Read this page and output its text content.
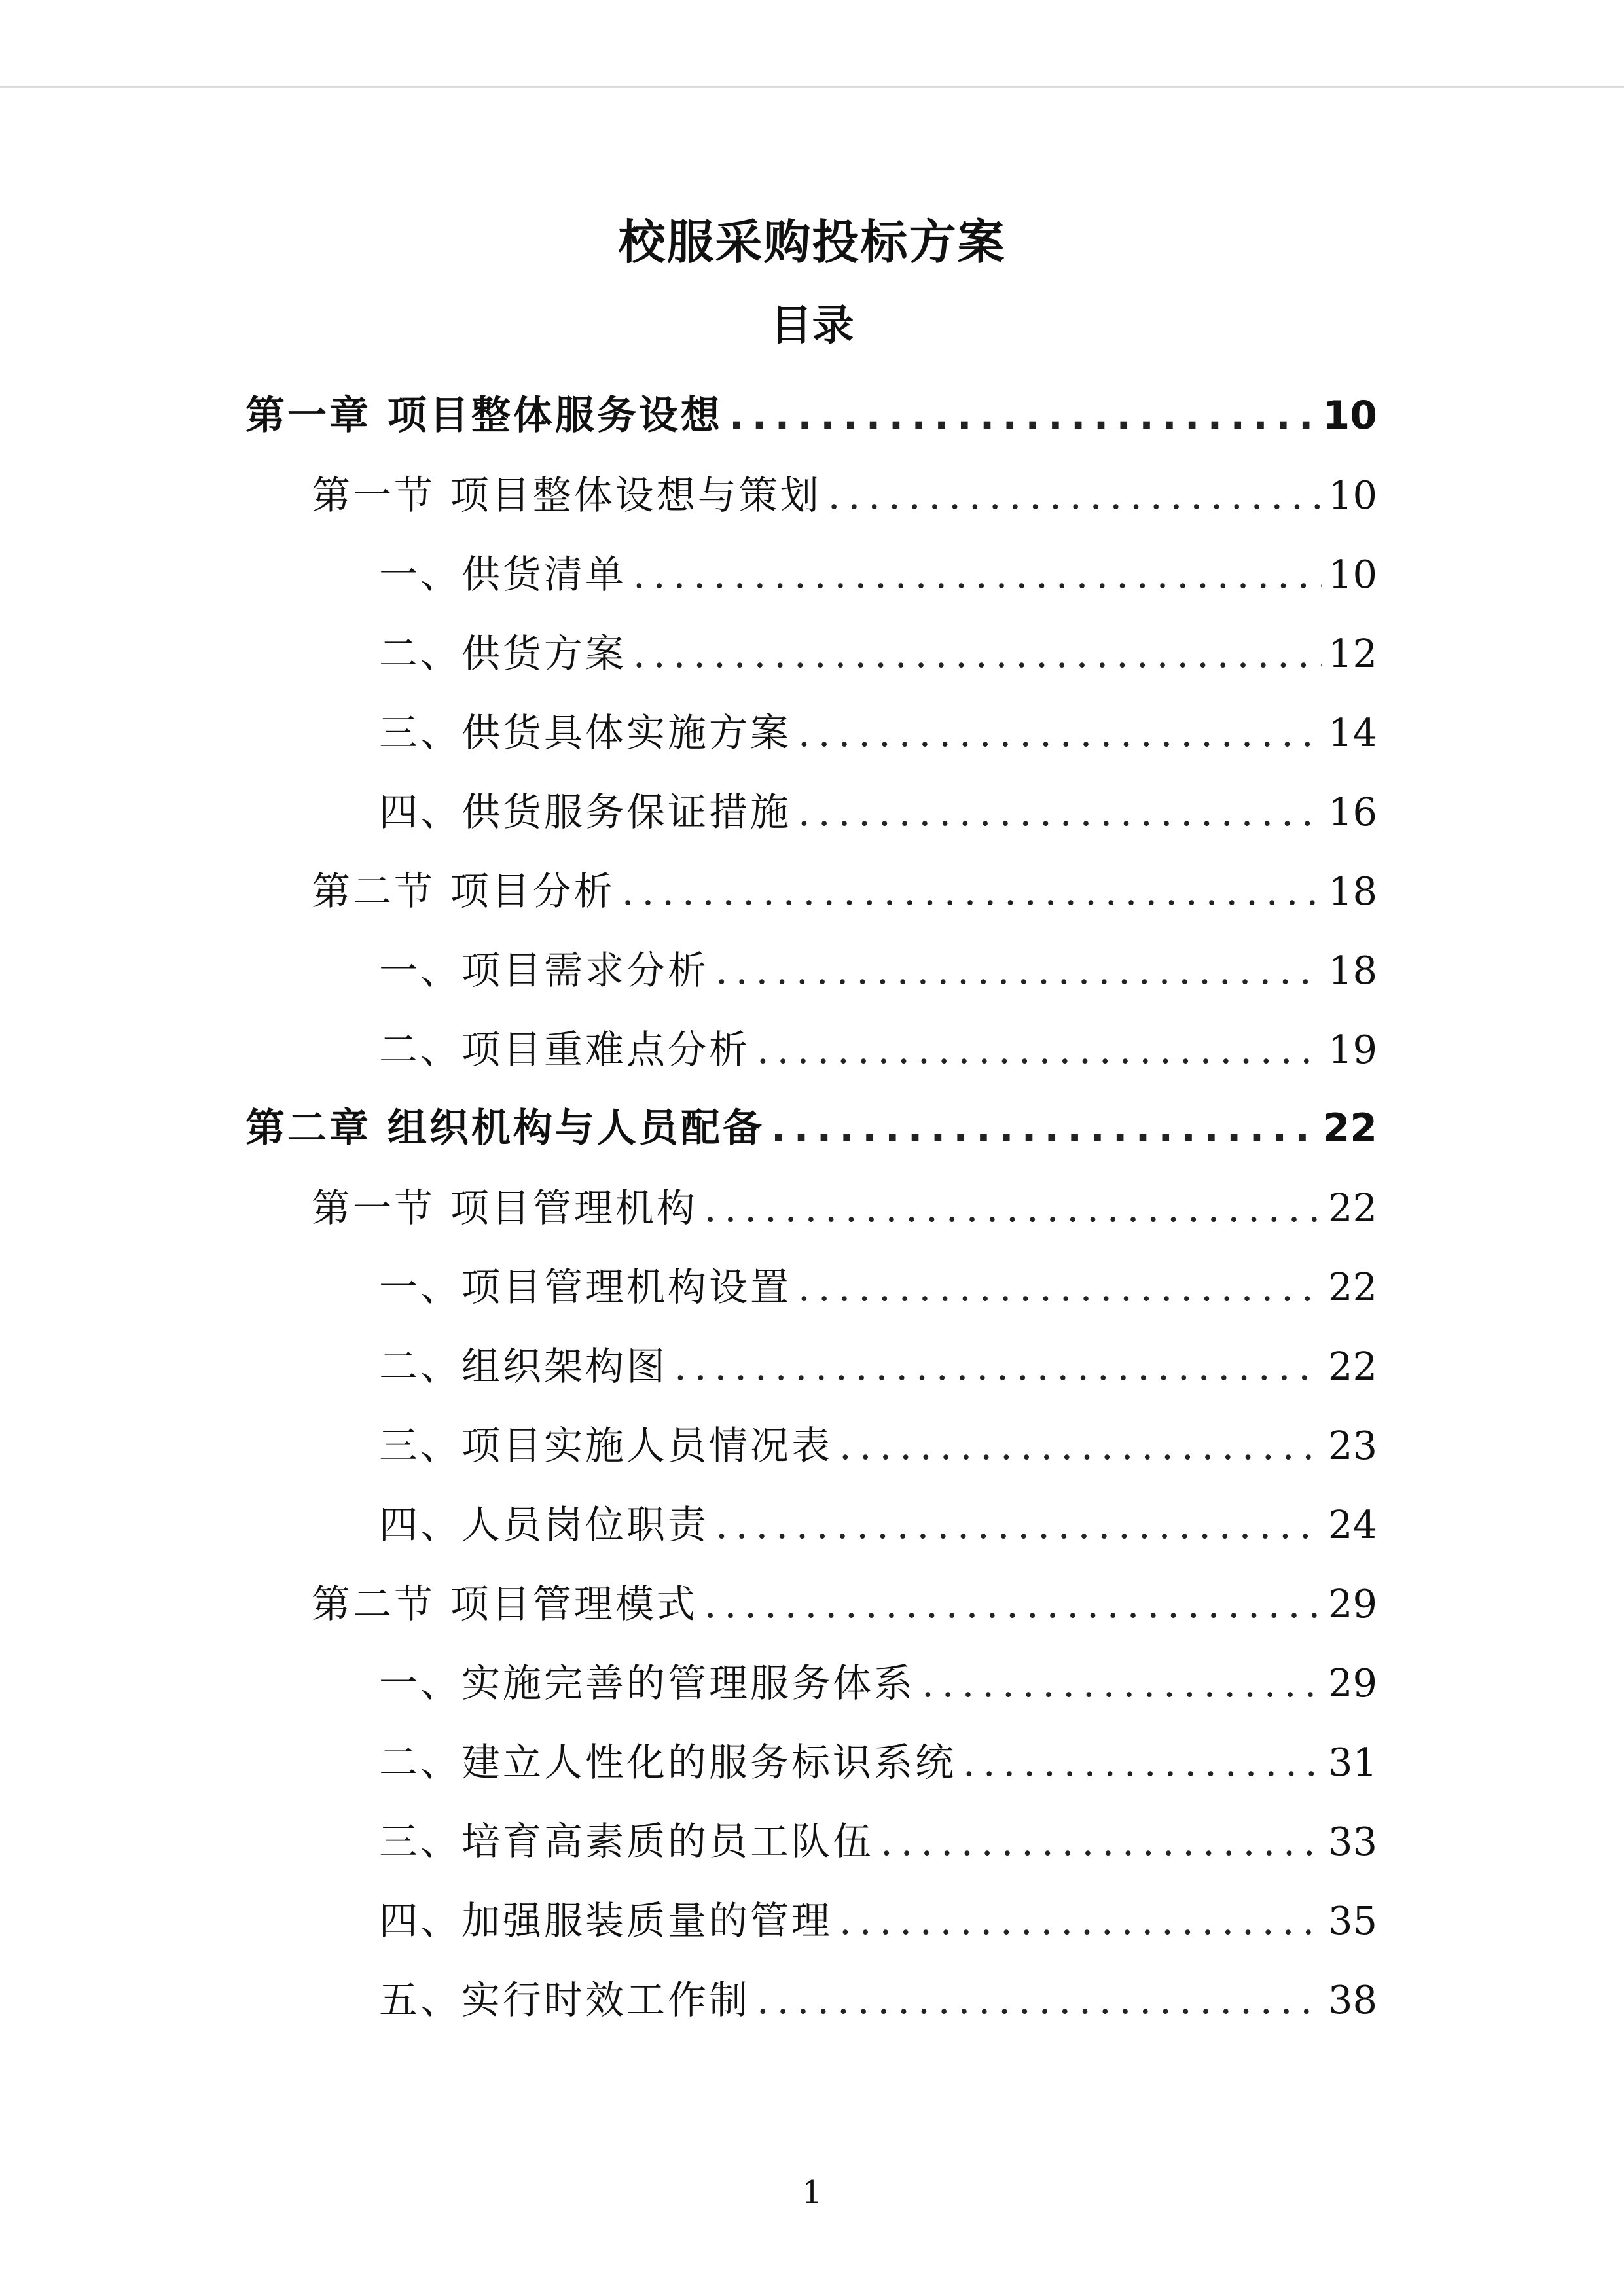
校服采购投标方案
目录
第一章 项目整体服务设想 .....	10
第一节 项目整体设想与策划 .....	10
一、供货清单 .....	10
二、供货方案 .....	12
三、供货具体实施方案 .....	14
四、供货服务保证措施 .....	16
第二节 项目分析 .....	18
一、项目需求分析 .....	18
二、项目重难点分析 .....	19
第二章 组织机构与人员配备 .....	22
第一节 项目管理机构 .....	22
一、项目管理机构设置 .....	22
二、组织架构图 .....	22
三、项目实施人员情况表 .....	23
四、人员岗位职责 .....	24
第二节 项目管理模式 .....	29
一、实施完善的管理服务体系 .....	29
二、建立人性化的服务标识系统 .....	31
三、培育高素质的员工队伍 .....	33
四、加强服装质量的管理 .....	35
五、实行时效工作制 .....	38
1
